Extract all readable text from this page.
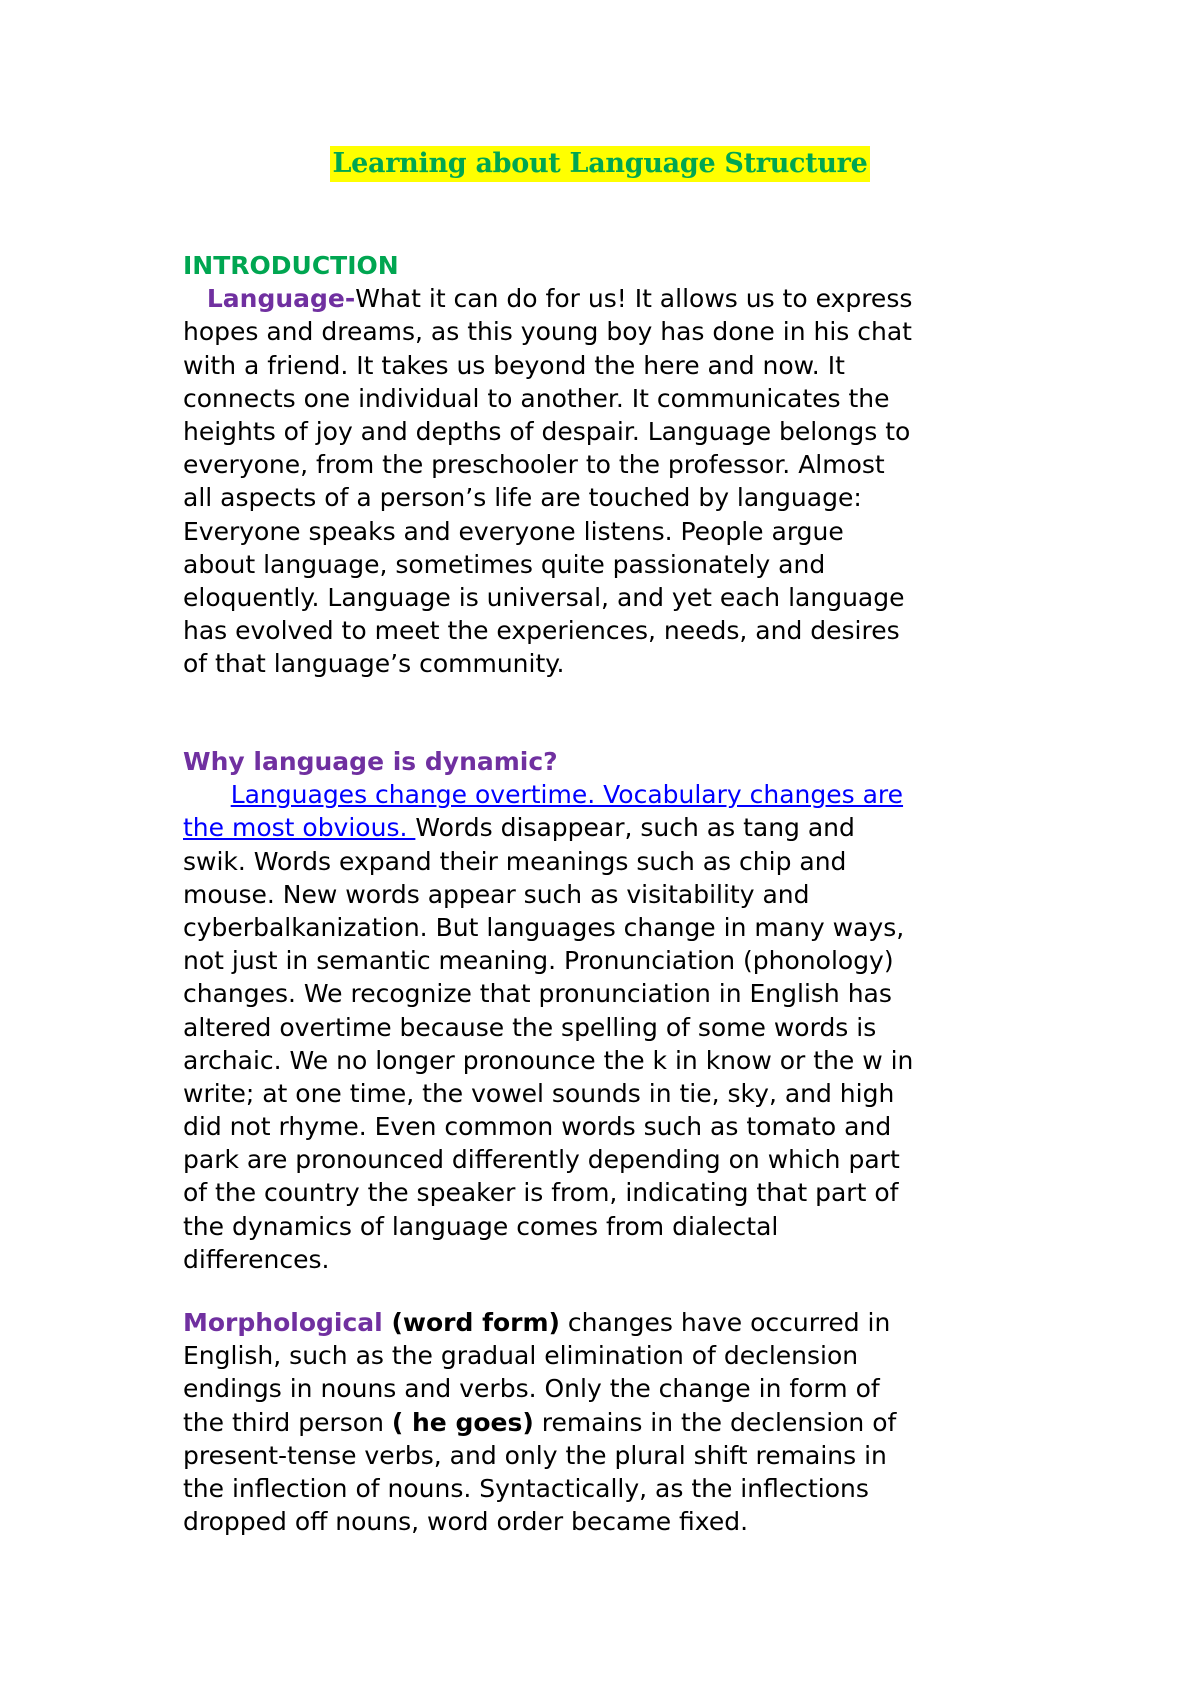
Learning about Language Structure
INTRODUCTION
Language-What it can do for us! It allows us to express
hopes and dreams, as this young boy has done in his chat
with a friend. It takes us beyond the here and now. It
connects one individual to another. It communicates the
heights of joy and depths of despair. Language belongs to
everyone, from the preschooler to the professor. Almost
all aspects of a person’s life are touched by language:
Everyone speaks and everyone listens. People argue
about language, sometimes quite passionately and
eloquently. Language is universal, and yet each language
has evolved to meet the experiences, needs, and desires
of that language’s community.
Why language is dynamic?
Languages change overtime. Vocabulary changes are
the most obvious. Words disappear, such as tang and
swik. Words expand their meanings such as chip and
mouse. New words appear such as visitability and
cyberbalkanization. But languages change in many ways,
not just in semantic meaning. Pronunciation (phonology)
changes. We recognize that pronunciation in English has
altered overtime because the spelling of some words is
archaic. We no longer pronounce the k in know or the w in
write; at one time, the vowel sounds in tie, sky, and high
did not rhyme. Even common words such as tomato and
park are pronounced differently depending on which part
of the country the speaker is from, indicating that part of
the dynamics of language comes from dialectal
differences.
Morphological (word form) changes have occurred in
English, such as the gradual elimination of declension
endings in nouns and verbs. Only the change in form of
the third person ( he goes) remains in the declension of
present-tense verbs, and only the plural shift remains in
the inflection of nouns. Syntactically, as the inflections
dropped off nouns, word order became fixed.
